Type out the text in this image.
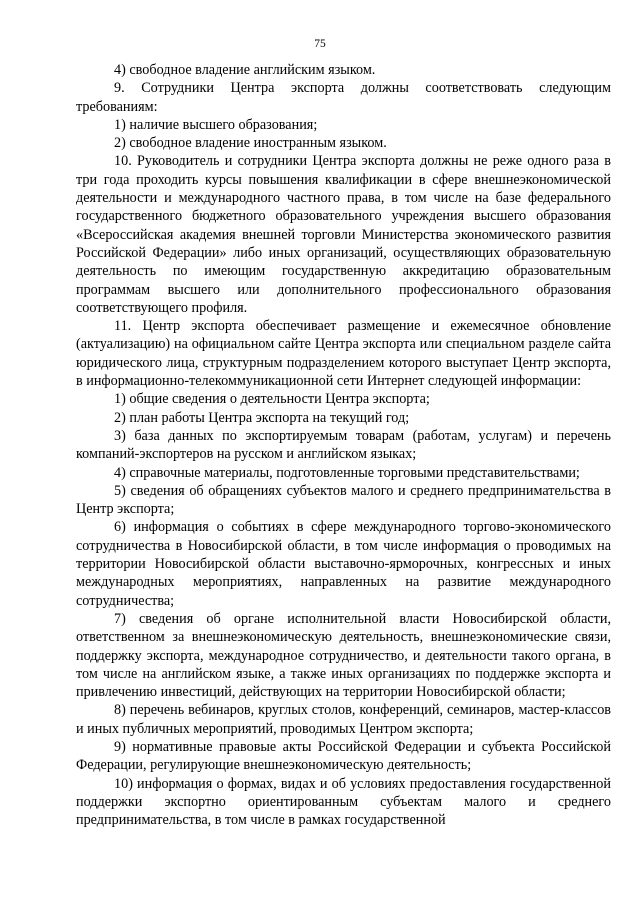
75

4) свободное владение английским языком.

9. Сотрудники Центра экспорта должны соответствовать следующим требованиям:

1) наличие высшего образования;

2) свободное владение иностранным языком.

10. Руководитель и сотрудники Центра экспорта должны не реже одного раза в три года проходить курсы повышения квалификации в сфере внешнеэкономической деятельности и международного частного права, в том числе на базе федерального государственного бюджетного образовательного учреждения высшего образования «Всероссийская академия внешней торговли Министерства экономического развития Российской Федерации» либо иных организаций, осуществляющих образовательную деятельность по имеющим государственную аккредитацию образовательным программам высшего или дополнительного профессионального образования соответствующего профиля.

11. Центр экспорта обеспечивает размещение и ежемесячное обновление (актуализацию) на официальном сайте Центра экспорта или специальном разделе сайта юридического лица, структурным подразделением которого выступает Центр экспорта, в информационно-телекоммуникационной сети Интернет следующей информации:

1) общие сведения о деятельности Центра экспорта;

2) план работы Центра экспорта на текущий год;

3) база данных по экспортируемым товарам (работам, услугам) и перечень компаний-экспортеров на русском и английском языках;

4) справочные материалы, подготовленные торговыми представительствами;

5) сведения об обращениях субъектов малого и среднего предпринимательства в Центр экспорта;

6) информация о событиях в сфере международного торгово-экономического сотрудничества в Новосибирской области, в том числе информация о проводимых на территории Новосибирской области выставочно-ярморочных, конгрессных и иных международных мероприятиях, направленных на развитие международного сотрудничества;

7) сведения об органе исполнительной власти Новосибирской области, ответственном за внешнеэкономическую деятельность, внешнеэкономические связи, поддержку экспорта, международное сотрудничество, и деятельности такого органа, в том числе на английском языке, а также иных организациях по поддержке экспорта и привлечению инвестиций, действующих на территории Новосибирской области;

8) перечень вебинаров, круглых столов, конференций, семинаров, мастер-классов и иных публичных мероприятий, проводимых Центром экспорта;

9) нормативные правовые акты Российской Федерации и субъекта Российской Федерации, регулирующие внешнеэкономическую деятельность;

10) информация о формах, видах и об условиях предоставления государственной поддержки экспортно ориентированным субъектам малого и среднего предпринимательства, в том числе в рамках государственной
